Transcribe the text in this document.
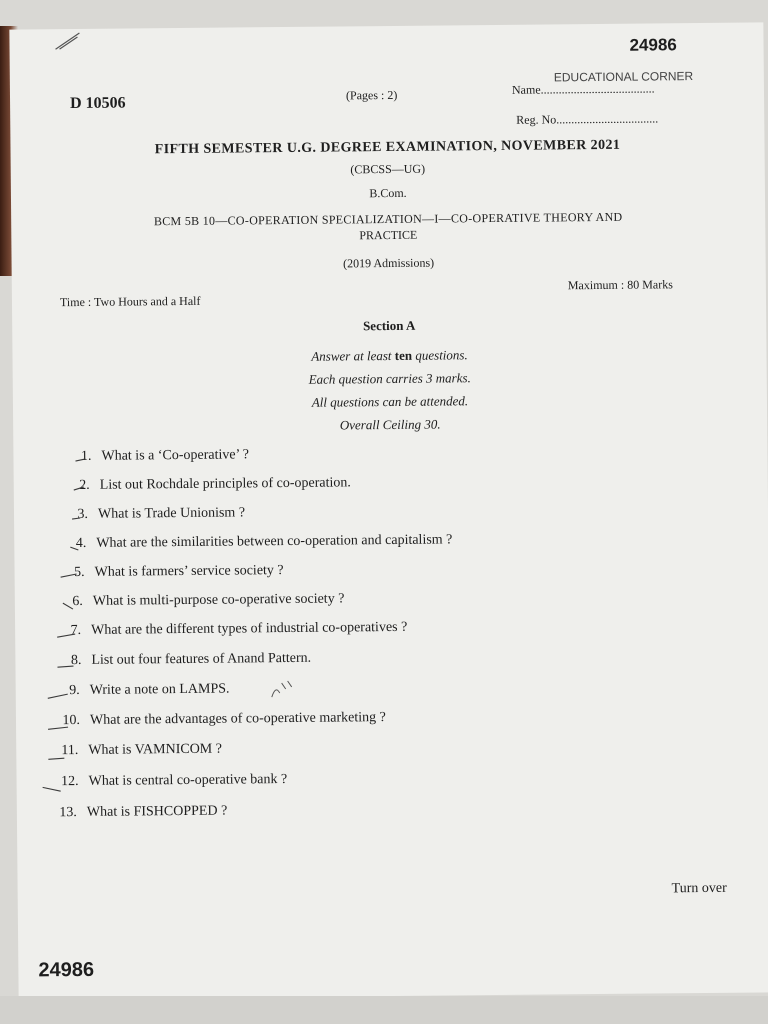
24986
EDUCATIONAL CORNER
D 10506	(Pages : 2)	Name......................................
Reg. No..................................
FIFTH SEMESTER U.G. DEGREE EXAMINATION, NOVEMBER 2021
(CBCSS—UG)
B.Com.
BCM 5B 10—CO-OPERATION SPECIALIZATION—I—CO-OPERATIVE THEORY AND
PRACTICE
(2019 Admissions)
Time : Two Hours and a Half
Maximum : 80 Marks
Section A
Answer at least ten questions.
Each question carries 3 marks.
All questions can be attended.
Overall Ceiling 30.
1. What is a ‘Co-operative’ ?
2. List out Rochdale principles of co-operation.
3. What is Trade Unionism ?
4. What are the similarities between co-operation and capitalism ?
5. What is farmers’ service society ?
6. What is multi-purpose co-operative society ?
7. What are the different types of industrial co-operatives ?
8. List out four features of Anand Pattern.
9. Write a note on LAMPS.
10. What are the advantages of co-operative marketing ?
11. What is VAMNICOM ?
12. What is central co-operative bank ?
13. What is FISHCOPPED ?
Turn over
24986
